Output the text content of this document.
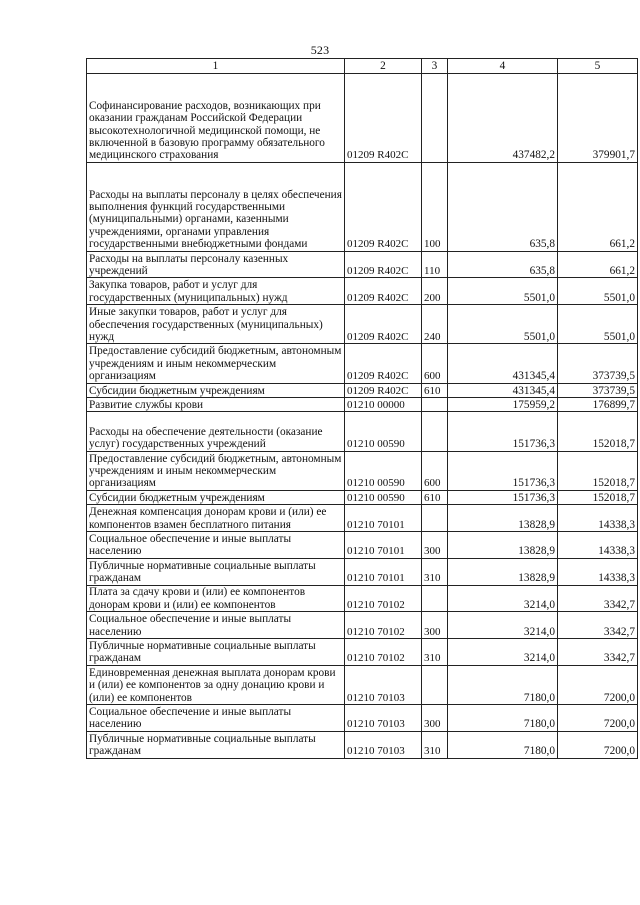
523
1	2	3	4	5
Софинансирование расходов, возникающих при оказании гражданам Российской Федерации высокотехнологичной медицинской помощи, не включенной в базовую программу обязательного медицинского страхования	01209 R402C		437482,2	379901,7
Расходы на выплаты персоналу в целях обеспечения выполнения функций государственными (муниципальными) органами, казенными учреждениями, органами управления государственными внебюджетными фондами	01209 R402C	100	635,8	661,2
Расходы на выплаты персоналу казенных учреждений	01209 R402C	110	635,8	661,2
Закупка товаров, работ и услуг для государственных (муниципальных) нужд	01209 R402C	200	5501,0	5501,0
Иные закупки товаров, работ и услуг для обеспечения государственных (муниципальных) нужд	01209 R402C	240	5501,0	5501,0
Предоставление субсидий бюджетным, автономным учреждениям и иным некоммерческим организациям	01209 R402C	600	431345,4	373739,5
Субсидии бюджетным учреждениям	01209 R402C	610	431345,4	373739,5
Развитие службы крови	01210 00000		175959,2	176899,7
Расходы на обеспечение деятельности (оказание услуг) государственных учреждений	01210 00590		151736,3	152018,7
Предоставление субсидий бюджетным, автономным учреждениям и иным некоммерческим организациям	01210 00590	600	151736,3	152018,7
Субсидии бюджетным учреждениям	01210 00590	610	151736,3	152018,7
Денежная компенсация донорам крови и (или) ее компонентов взамен бесплатного питания	01210 70101		13828,9	14338,3
Социальное обеспечение и иные выплаты населению	01210 70101	300	13828,9	14338,3
Публичные нормативные социальные выплаты гражданам	01210 70101	310	13828,9	14338,3
Плата за сдачу крови и (или) ее компонентов донорам крови и (или) ее компонентов	01210 70102		3214,0	3342,7
Социальное обеспечение и иные выплаты населению	01210 70102	300	3214,0	3342,7
Публичные нормативные социальные выплаты гражданам	01210 70102	310	3214,0	3342,7
Единовременная денежная выплата донорам крови и (или) ее компонентов за одну донацию крови и (или) ее компонентов	01210 70103		7180,0	7200,0
Социальное обеспечение и иные выплаты населению	01210 70103	300	7180,0	7200,0
Публичные нормативные социальные выплаты гражданам	01210 70103	310	7180,0	7200,0
